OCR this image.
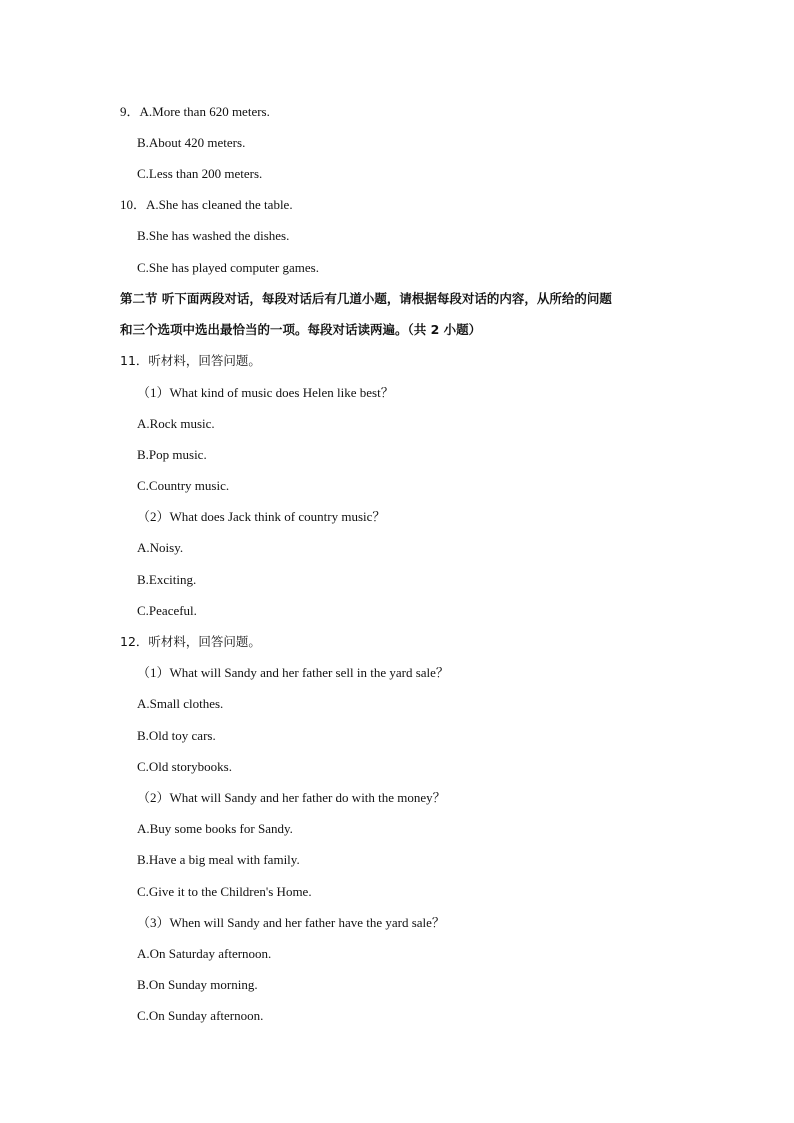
9．A.More than 620 meters.
B.About 420 meters.
C.Less than 200 meters.
10．A.She has cleaned the table.
B.She has washed the dishes.
C.She has played computer games.
第二节 听下面两段对话，每段对话后有几道小题，请根据每段对话的内容，从所给的问题
和三个选项中选出最恰当的一项。每段对话读两遍。（共 2 小题）
11．听材料，回答问题。
（1）What kind of music does Helen like best？
A.Rock music.
B.Pop music.
C.Country music.
（2）What does Jack think of country music？
A.Noisy.
B.Exciting.
C.Peaceful.
12．听材料，回答问题。
（1）What will Sandy and her father sell in the yard sale？
A.Small clothes.
B.Old toy cars.
C.Old storybooks.
（2）What will Sandy and her father do with the money？
A.Buy some books for Sandy.
B.Have a big meal with family.
C.Give it to the Children's Home.
（3）When will Sandy and her father have the yard sale？
A.On Saturday afternoon.
B.On Sunday morning.
C.On Sunday afternoon.
